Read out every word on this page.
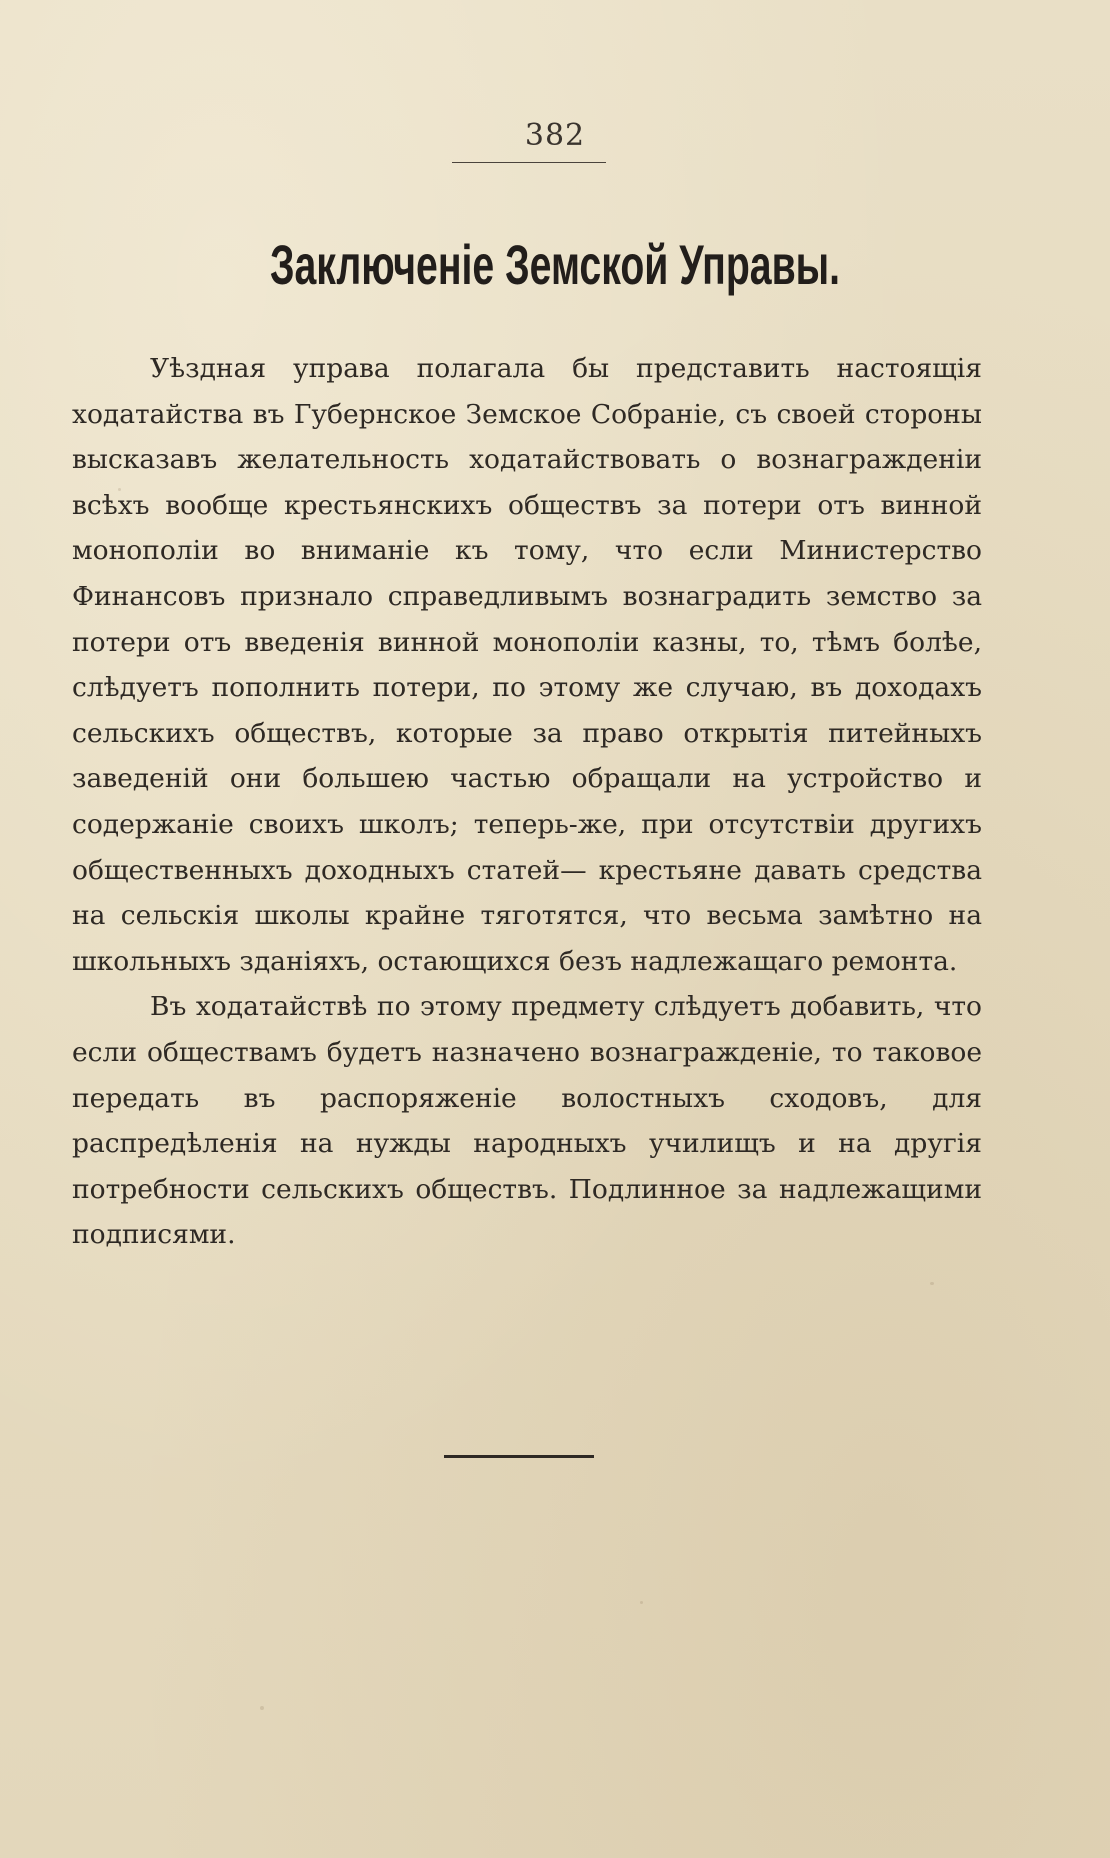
382
Заключеніе Земской Управы.

Уѣздная управа полагала бы представить настоящія ходатайства въ Губернское Земское Собраніе, съ своей стороны высказавъ желательность ходатайствовать о вознагражденіи всѣхъ вообще крестьянскихъ обществъ за потери отъ винной монополіи во вниманіе къ тому, что если Министерство Финансовъ признало справедливымъ вознаградить земство за потери отъ введенія винной монополіи казны, то, тѣмъ болѣе, слѣдуетъ пополнить потери, по этому же случаю, въ доходахъ сельскихъ обществъ, которые за право открытія питейныхъ заведеній они большею частью обращали на устройство и содержаніе своихъ школъ; теперь-же, при отсутствіи другихъ общественныхъ доходныхъ статей— крестьяне давать средства на сельскія школы крайне тяготятся, что весьма замѣтно на школьныхъ зданіяхъ, остающихся безъ надлежащаго ремонта.

Въ ходатайствѣ по этому предмету слѣдуетъ добавить, что если обществамъ будетъ назначено вознагражденіе, то таковое передать въ распоряженіе волостныхъ сходовъ, для распредѣленія на нужды народныхъ училищъ и на другія потребности сельскихъ обществъ. Подлинное за надлежащими подписями.
